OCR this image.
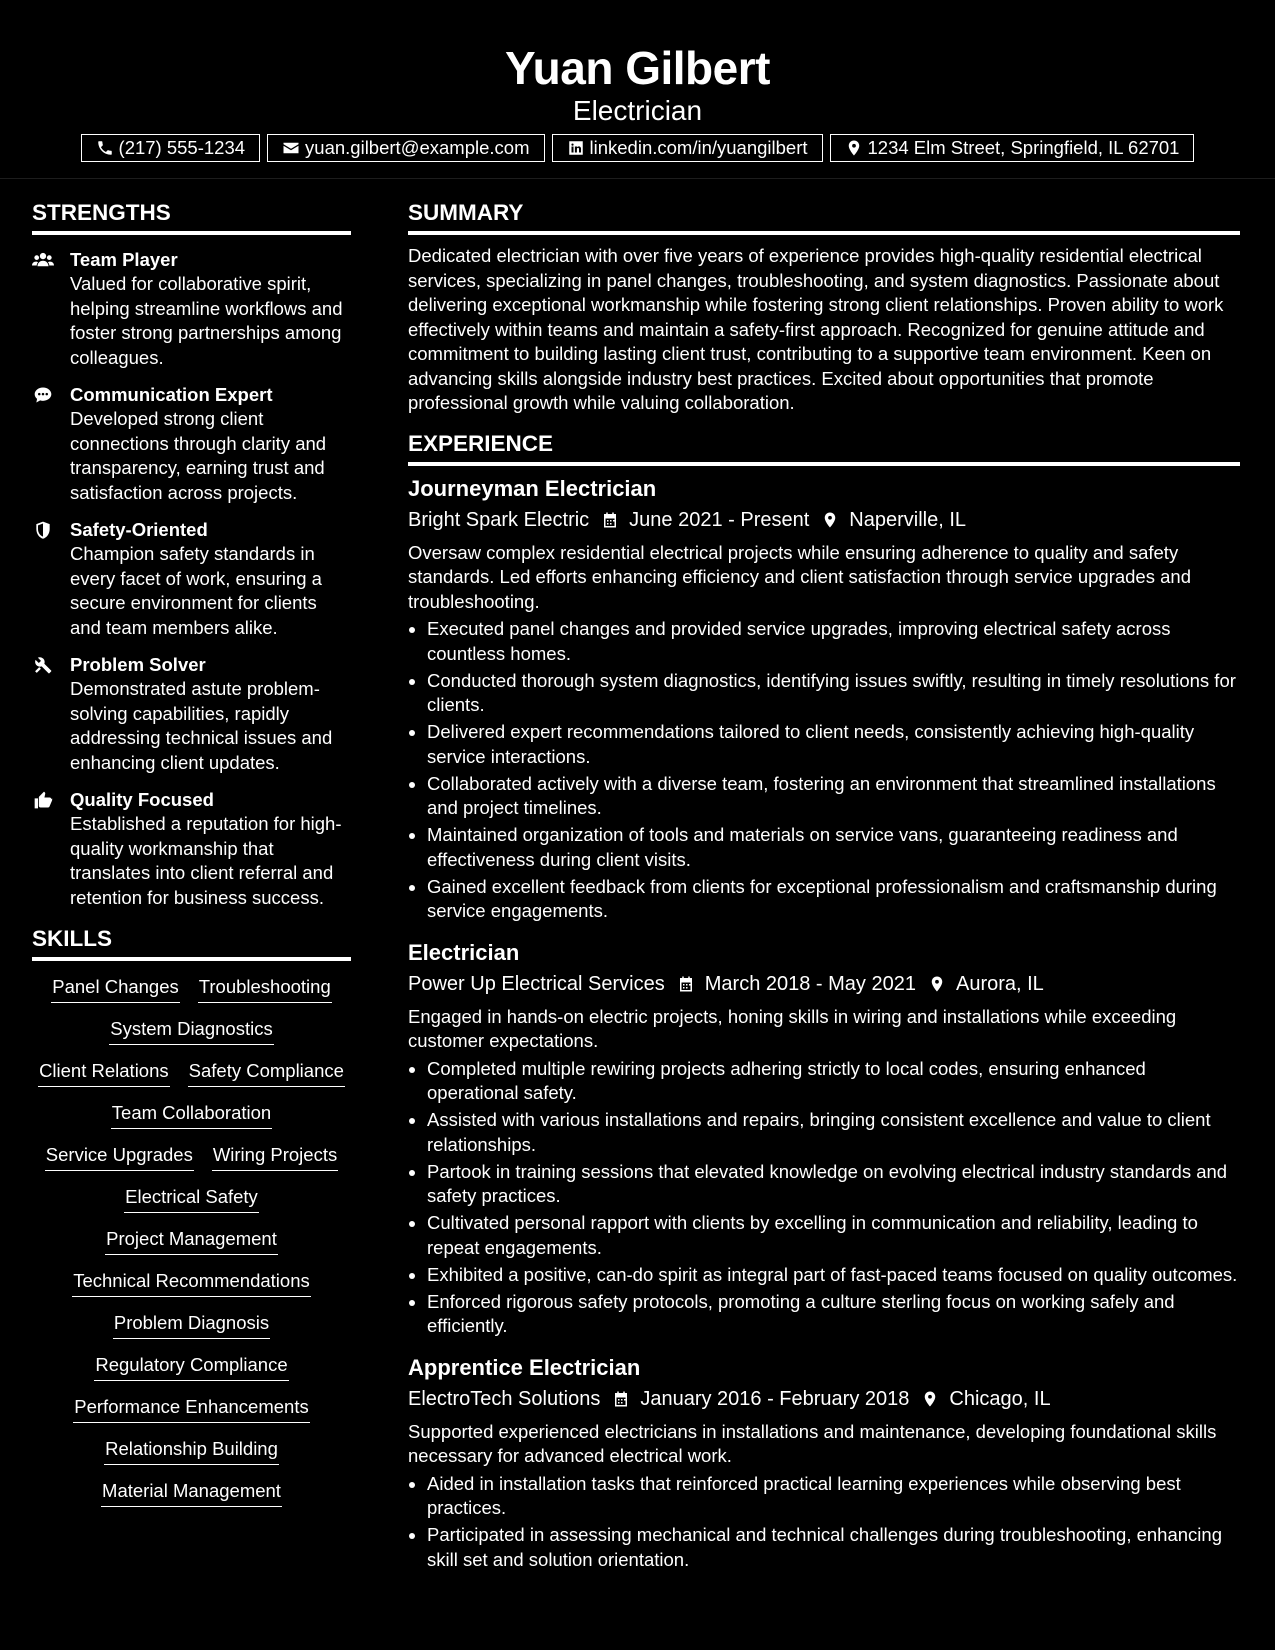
Yuan Gilbert
Electrician
(217) 555-1234	yuan.gilbert@example.com	linkedin.com/in/yuangilbert	1234 Elm Street, Springfield, IL 62701
STRENGTHS
Team Player
Valued for collaborative spirit, helping streamline workflows and foster strong partnerships among colleagues.
Communication Expert
Developed strong client connections through clarity and transparency, earning trust and satisfaction across projects.
Safety-Oriented
Champion safety standards in every facet of work, ensuring a secure environment for clients and team members alike.
Problem Solver
Demonstrated astute problem-solving capabilities, rapidly addressing technical issues and enhancing client updates.
Quality Focused
Established a reputation for high-quality workmanship that translates into client referral and retention for business success.
SKILLS
Panel Changes Troubleshooting
System Diagnostics
Client Relations Safety Compliance
Team Collaboration
Service Upgrades Wiring Projects
Electrical Safety
Project Management
Technical Recommendations
Problem Diagnosis
Regulatory Compliance
Performance Enhancements
Relationship Building
Material Management
SUMMARY
Dedicated electrician with over five years of experience provides high-quality residential electrical services, specializing in panel changes, troubleshooting, and system diagnostics. Passionate about delivering exceptional workmanship while fostering strong client relationships. Proven ability to work effectively within teams and maintain a safety-first approach. Recognized for genuine attitude and commitment to building lasting client trust, contributing to a supportive team environment. Keen on advancing skills alongside industry best practices. Excited about opportunities that promote professional growth while valuing collaboration.
EXPERIENCE
Journeyman Electrician
Bright Spark Electric June 2021 - Present Naperville, IL
Oversaw complex residential electrical projects while ensuring adherence to quality and safety standards. Led efforts enhancing efficiency and client satisfaction through service upgrades and troubleshooting.
• Executed panel changes and provided service upgrades, improving electrical safety across countless homes.
• Conducted thorough system diagnostics, identifying issues swiftly, resulting in timely resolutions for clients.
• Delivered expert recommendations tailored to client needs, consistently achieving high-quality service interactions.
• Collaborated actively with a diverse team, fostering an environment that streamlined installations and project timelines.
• Maintained organization of tools and materials on service vans, guaranteeing readiness and effectiveness during client visits.
• Gained excellent feedback from clients for exceptional professionalism and craftsmanship during service engagements.
Electrician
Power Up Electrical Services March 2018 - May 2021 Aurora, IL
Engaged in hands-on electric projects, honing skills in wiring and installations while exceeding customer expectations.
• Completed multiple rewiring projects adhering strictly to local codes, ensuring enhanced operational safety.
• Assisted with various installations and repairs, bringing consistent excellence and value to client relationships.
• Partook in training sessions that elevated knowledge on evolving electrical industry standards and safety practices.
• Cultivated personal rapport with clients by excelling in communication and reliability, leading to repeat engagements.
• Exhibited a positive, can-do spirit as integral part of fast-paced teams focused on quality outcomes.
• Enforced rigorous safety protocols, promoting a culture sterling focus on working safely and efficiently.
Apprentice Electrician
ElectroTech Solutions January 2016 - February 2018 Chicago, IL
Supported experienced electricians in installations and maintenance, developing foundational skills necessary for advanced electrical work.
• Aided in installation tasks that reinforced practical learning experiences while observing best practices.
• Participated in assessing mechanical and technical challenges during troubleshooting, enhancing skill set and solution orientation.
